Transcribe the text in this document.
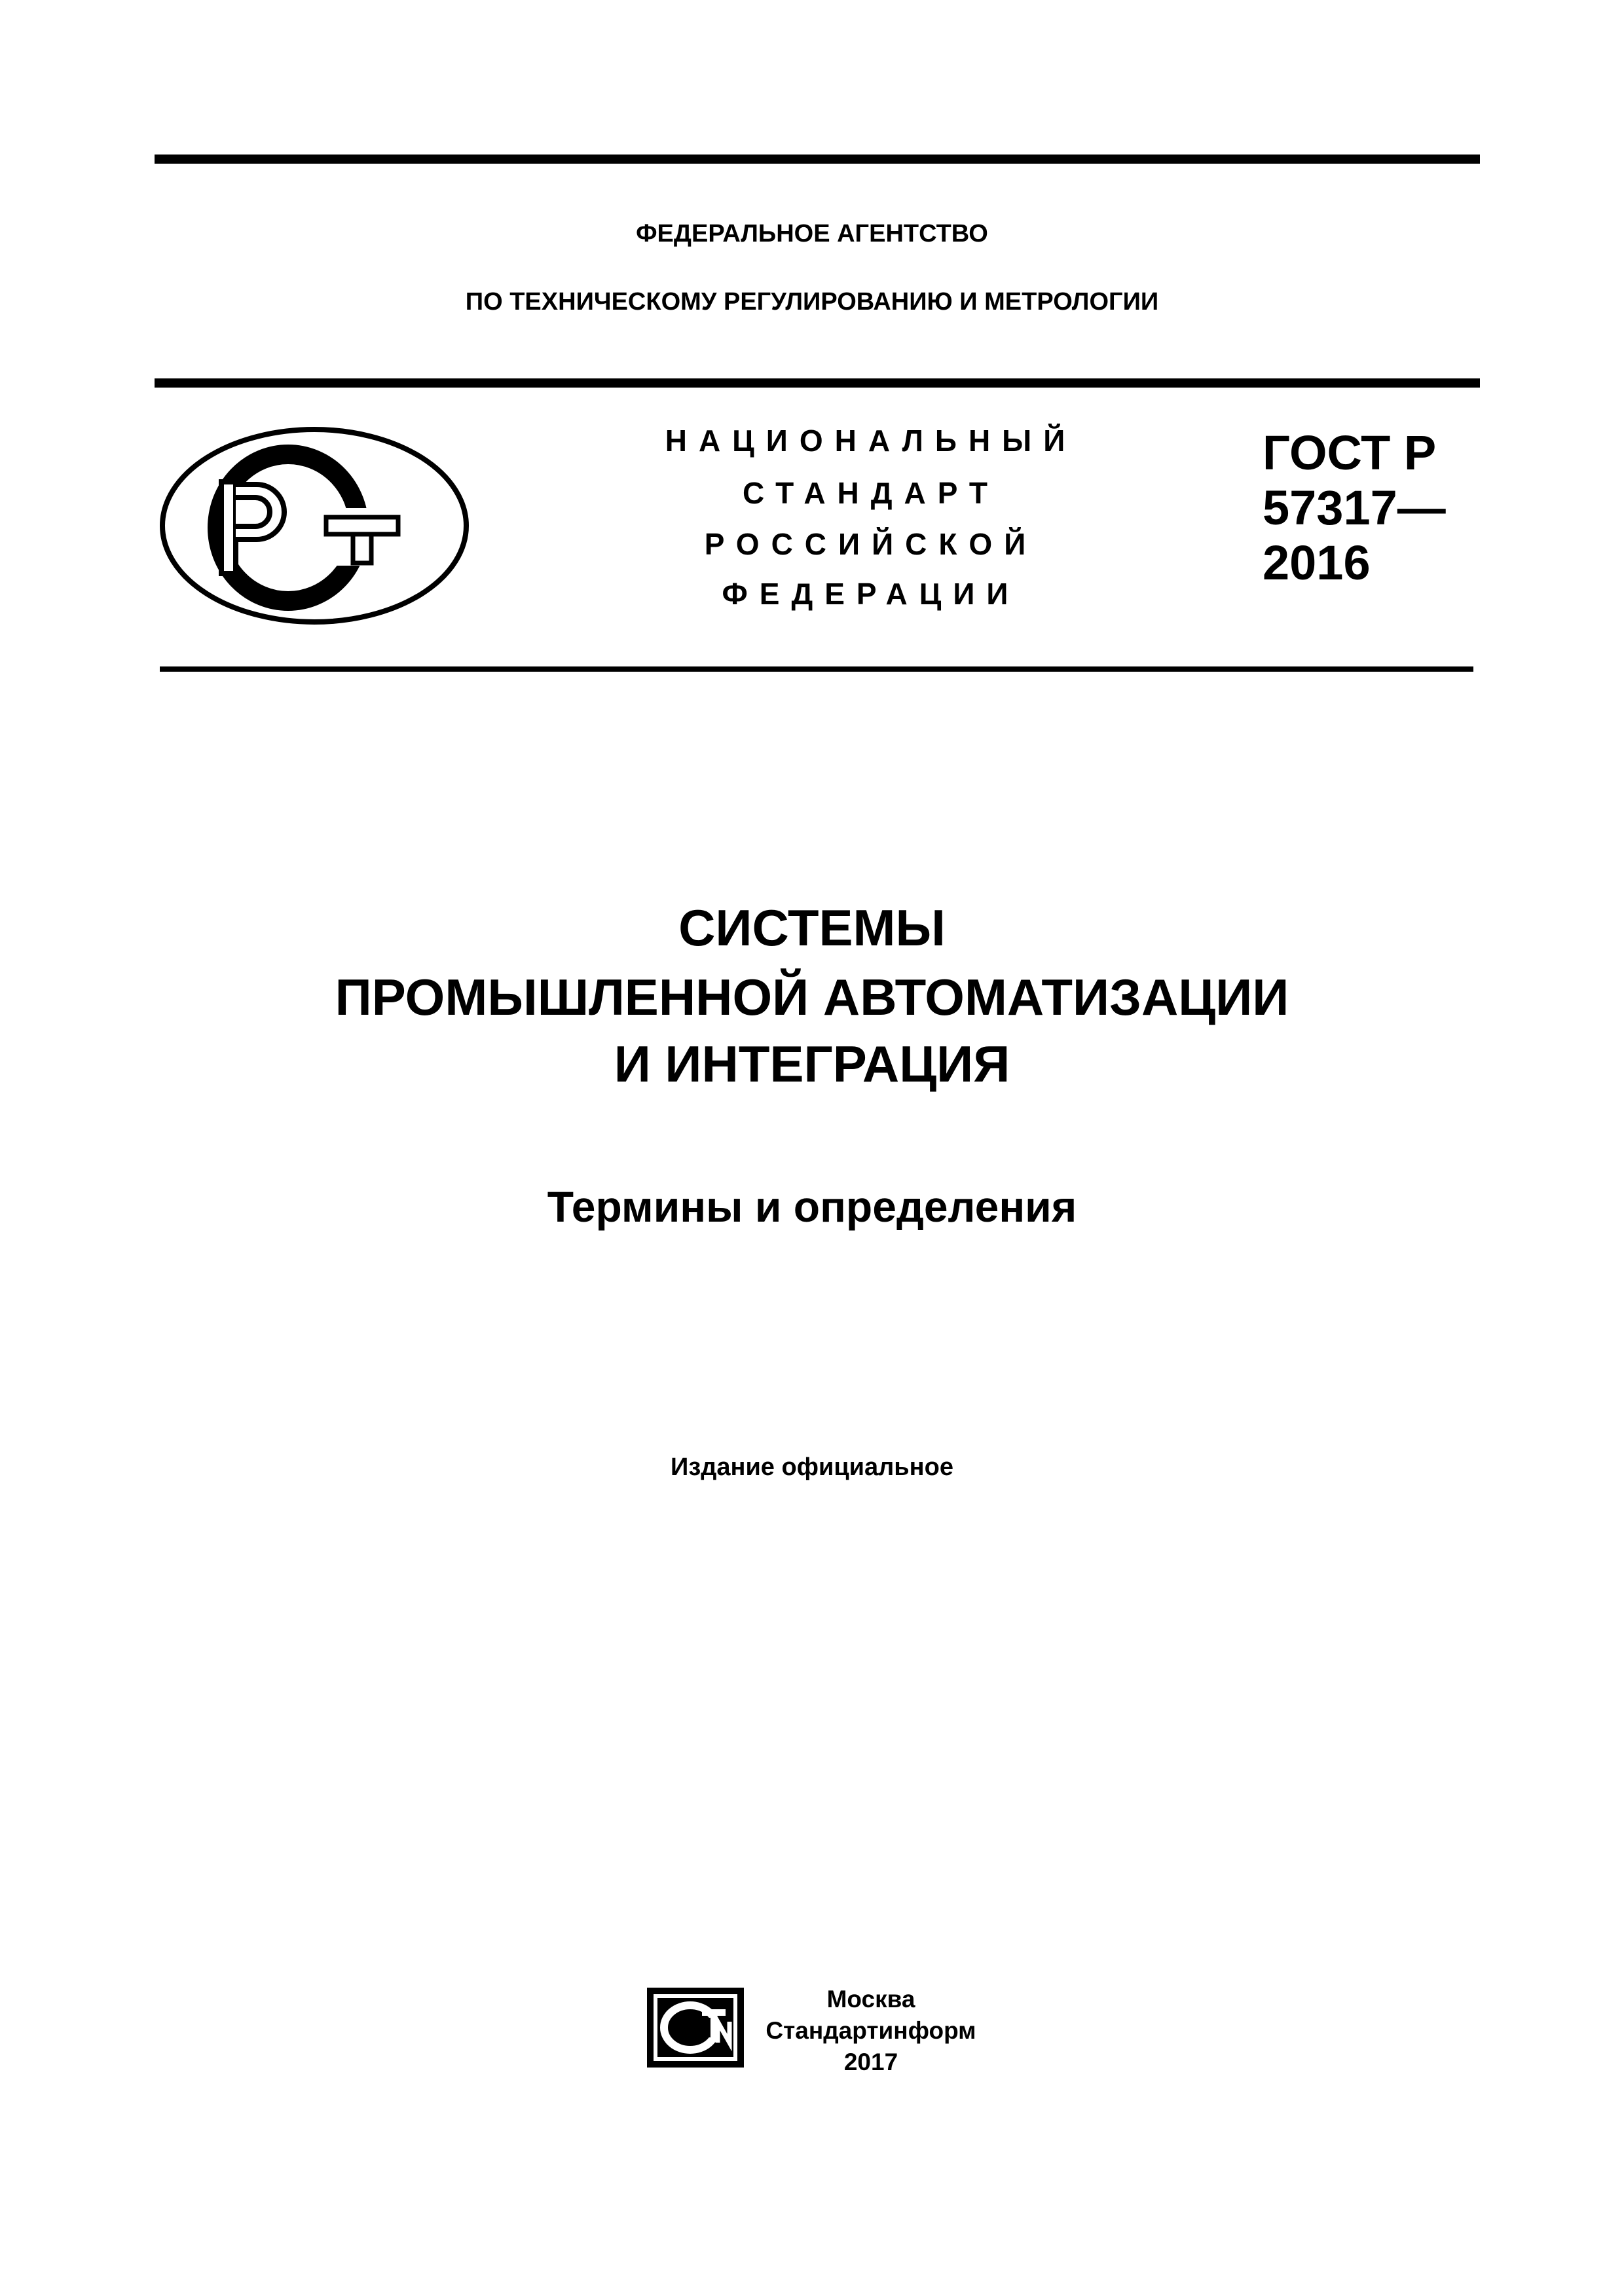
ФЕДЕРАЛЬНОЕ АГЕНТСТВО
ПО ТЕХНИЧЕСКОМУ РЕГУЛИРОВАНИЮ И МЕТРОЛОГИИ
НАЦИОНАЛЬНЫЙ
СТАНДАРТ
РОССИЙСКОЙ
ФЕДЕРАЦИИ
ГОСТ Р
57317—
2016
СИСТЕМЫ
ПРОМЫШЛЕННОЙ АВТОМАТИЗАЦИИ
И ИНТЕГРАЦИЯ
Термины и определения
Издание официальное
Москва
Стандартинформ
2017
